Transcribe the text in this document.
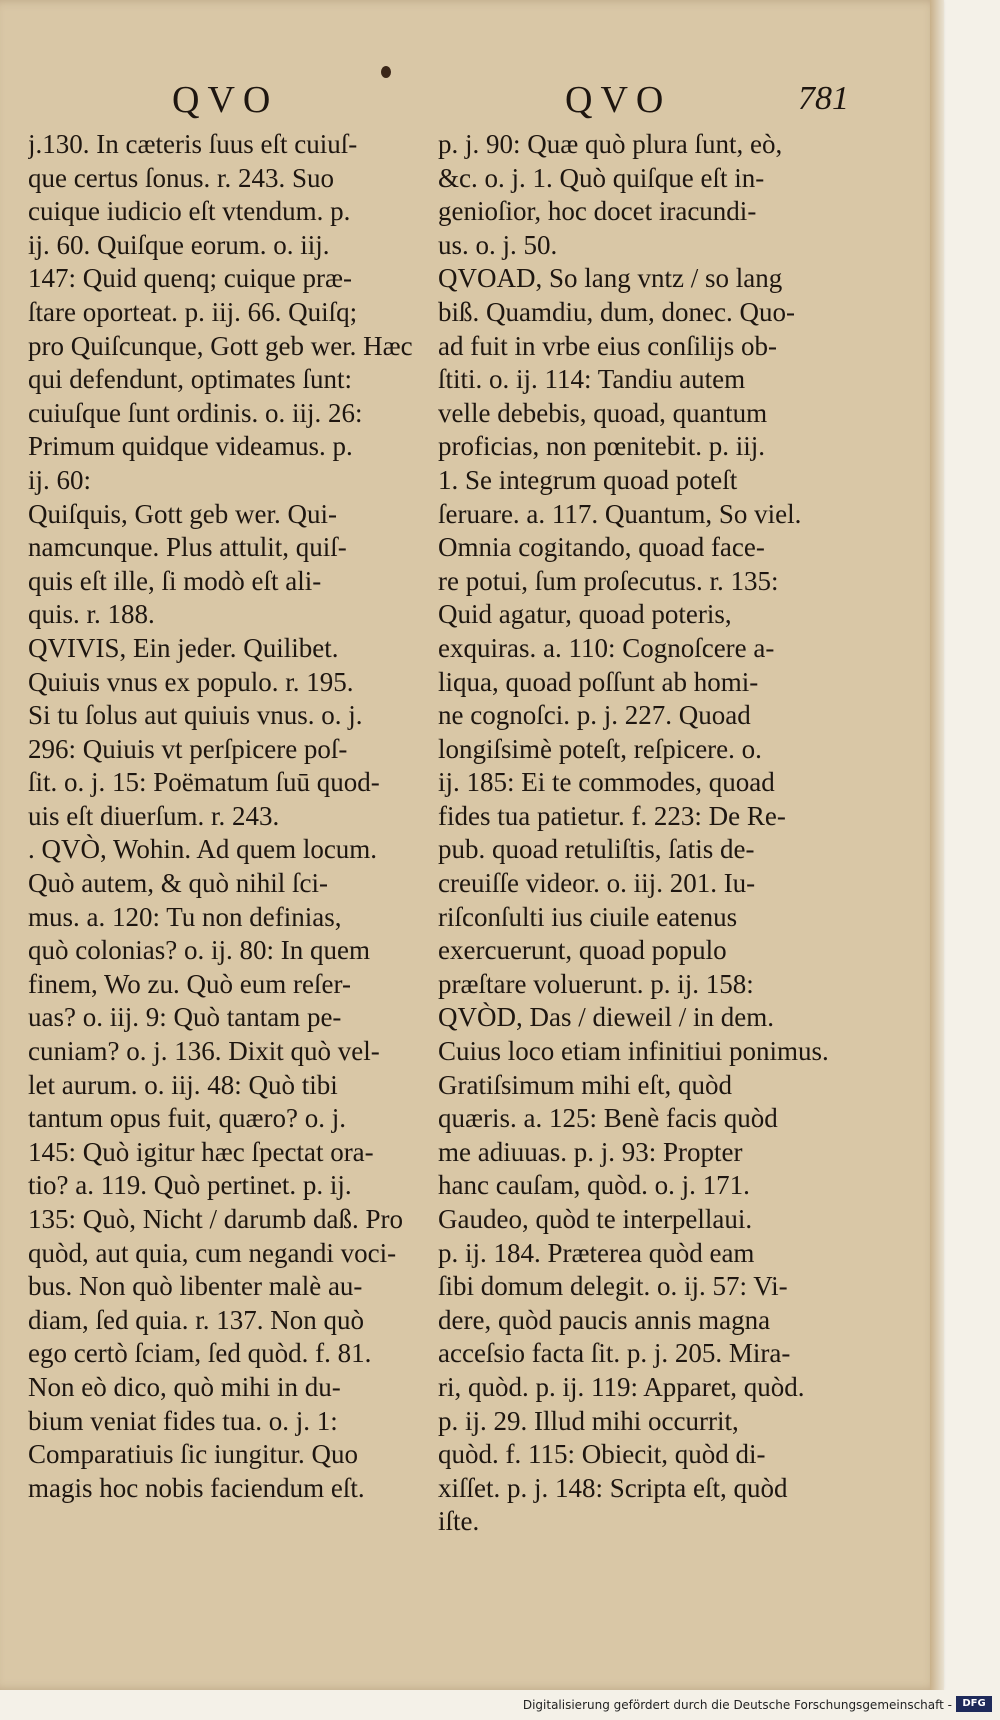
QVO	QVO	781
j.130. In cæteris ſuus eſt cuiuſ-
que certus ſonus. r. 243. Suo
cuique iudicio eſt vtendum. p.
ij. 60. Quiſque eorum. o. iij.
147: Quid quenq; cuique præ-
ſtare oporteat. p. iij. 66. Quiſq;
pro Quiſcunque, Gott geb wer. Hæc
qui defendunt, optimates ſunt:
cuiuſque ſunt ordinis. o. iij. 26:
Primum quidque videamus. p.
ij. 60:
Quiſquis, Gott geb wer. Qui-
namcunque. Plus attulit, quiſ-
quis eſt ille, ſi modò eſt ali-
quis. r. 188.
QVIVIS, Ein jeder. Quilibet.
Quiuis vnus ex populo. r. 195.
Si tu ſolus aut quiuis vnus. o. j.
296: Quiuis vt perſpicere poſ-
ſit. o. j. 15: Poëmatum ſuū quod-
uis eſt diuerſum. r. 243.
. QVÒ, Wohin. Ad quem locum.
Quò autem, & quò nihil ſci-
mus. a. 120: Tu non definias,
quò colonias? o. ij. 80: In quem
finem, Wo zu. Quò eum reſer-
uas? o. iij. 9: Quò tantam pe-
cuniam? o. j. 136. Dixit quò vel-
let aurum. o. iij. 48: Quò tibi
tantum opus fuit, quæro? o. j.
145: Quò igitur hæc ſpectat ora-
tio? a. 119. Quò pertinet. p. ij.
135: Quò, Nicht / darumb daß. Pro
quòd, aut quia, cum negandi voci-
bus. Non quò libenter malè au-
diam, ſed quia. r. 137. Non quò
ego certò ſciam, ſed quòd. f. 81.
Non eò dico, quò mihi in du-
bium veniat fides tua. o. j. 1:
Comparatiuis ſic iungitur. Quo
magis hoc nobis faciendum eſt.
p. j. 90: Quæ quò plura ſunt, eò,
&c. o. j. 1. Quò quiſque eſt in-
genioſior, hoc docet iracundi-
us. o. j. 50.
QVOAD, So lang vntz / so lang
biß. Quamdiu, dum, donec. Quo-
ad fuit in vrbe eius conſilijs ob-
ſtiti. o. ij. 114: Tandiu autem
velle debebis, quoad, quantum
proficias, non pœnitebit. p. iij.
1. Se integrum quoad poteſt
ſeruare. a. 117. Quantum, So viel.
Omnia cogitando, quoad face-
re potui, ſum proſecutus. r. 135:
Quid agatur, quoad poteris,
exquiras. a. 110: Cognoſcere a-
liqua, quoad poſſunt ab homi-
ne cognoſci. p. j. 227. Quoad
longiſsimè poteſt, reſpicere. o.
ij. 185: Ei te commodes, quoad
fides tua patietur. f. 223: De Re-
pub. quoad retuliſtis, ſatis de-
creuiſſe videor. o. iij. 201. Iu-
riſconſulti ius ciuile eatenus
exercuerunt, quoad populo
præſtare voluerunt. p. ij. 158:
QVÒD, Das / dieweil / in dem.
Cuius loco etiam infinitiui ponimus.
Gratiſsimum mihi eſt, quòd
quæris. a. 125: Benè facis quòd
me adiuuas. p. j. 93: Propter
hanc cauſam, quòd. o. j. 171.
Gaudeo, quòd te interpellaui.
p. ij. 184. Præterea quòd eam
ſibi domum delegit. o. ij. 57: Vi-
dere, quòd paucis annis magna
acceſsio facta ſit. p. j. 205. Mira-
ri, quòd. p. ij. 119: Apparet, quòd.
p. ij. 29. Illud mihi occurrit,
quòd. f. 115: Obiecit, quòd di-
xiſſet. p. j. 148: Scripta eſt, quòd
iſte.
Digitalisierung gefördert durch die Deutsche Forschungsgemeinschaft -	DFG
